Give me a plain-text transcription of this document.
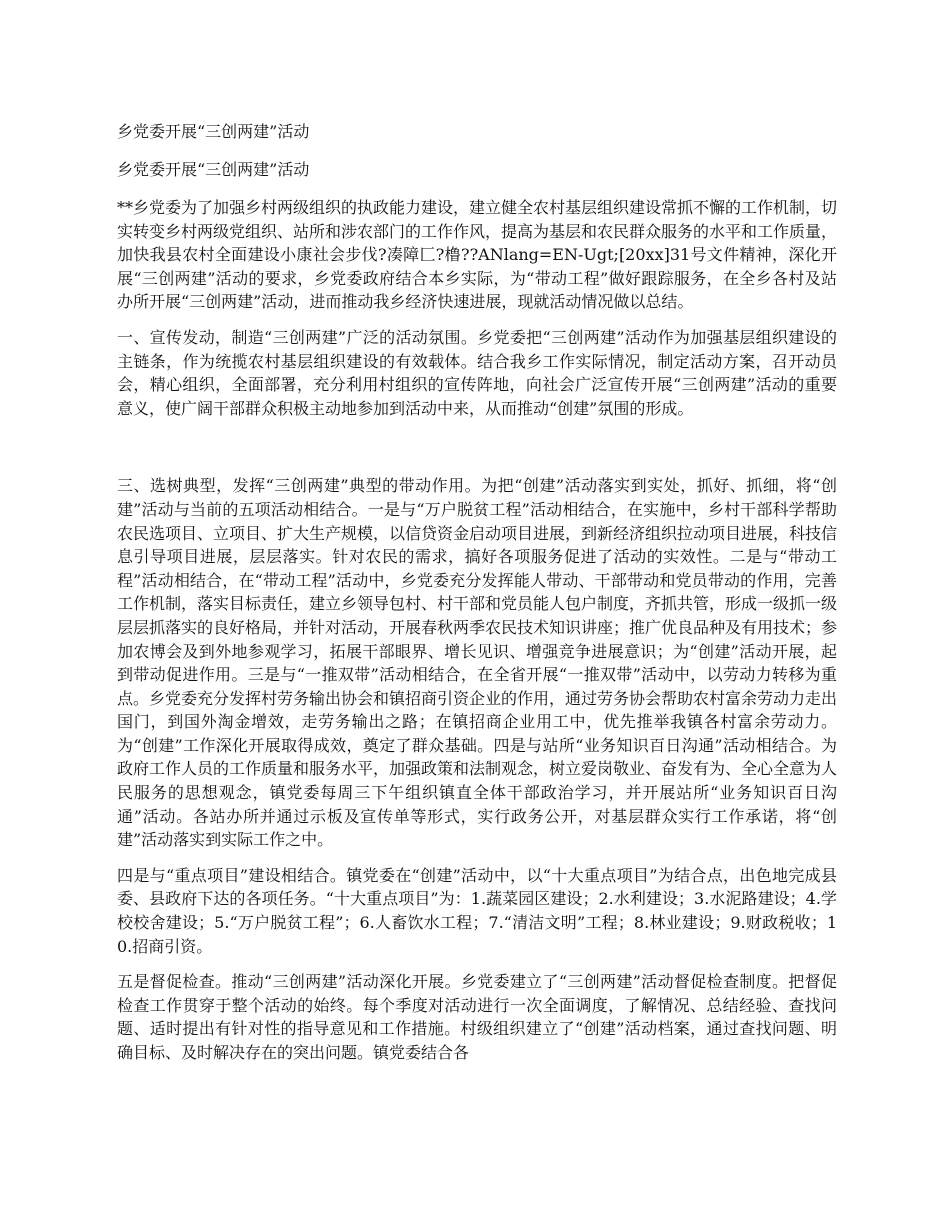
乡党委开展“三创两建”活动
乡党委开展“三创两建”活动

**乡党委为了加强乡村两级组织的执政能力建设，建立健全农村基层组织建设常抓不懈的工作机制，切实转变乡村两级党组织、站所和涉农部门的工作作风，提高为基层和农民群众服务的水平和工作质量，加快我县农村全面建设小康社会步伐?凑障匚?橹??ANlang=EN-Ugt;[20xx]31号文件精神，深化开展“三创两建”活动的要求，乡党委政府结合本乡实际，为“带动工程”做好跟踪服务，在全乡各村及站办所开展“三创两建”活动，进而推动我乡经济快速进展，现就活动情况做以总结。

一、宣传发动，制造“三创两建”广泛的活动氛围。乡党委把“三创两建”活动作为加强基层组织建设的主链条，作为统揽农村基层组织建设的有效载体。结合我乡工作实际情况，制定活动方案，召开动员会，精心组织，全面部署，充分利用村组织的宣传阵地，向社会广泛宣传开展“三创两建”活动的重要意义，使广阔干部群众积极主动地参加到活动中来，从而推动“创建”氛围的形成。

三、选树典型，发挥“三创两建”典型的带动作用。为把“创建”活动落实到实处，抓好、抓细，将“创建”活动与当前的五项活动相结合。一是与“万户脱贫工程”活动相结合，在实施中，乡村干部科学帮助农民选项目、立项目、扩大生产规模，以信贷资金启动项目进展，到新经济组织拉动项目进展，科技信息引导项目进展，层层落实。针对农民的需求，搞好各项服务促进了活动的实效性。二是与“带动工程”活动相结合，在“带动工程”活动中，乡党委充分发挥能人带动、干部带动和党员带动的作用，完善工作机制，落实目标责任，建立乡领导包村、村干部和党员能人包户制度，齐抓共管，形成一级抓一级层层抓落实的良好格局，并针对活动，开展春秋两季农民技术知识讲座；推广优良品种及有用技术；参加农博会及到外地参观学习，拓展干部眼界、增长见识、增强竞争进展意识；为“创建”活动开展，起到带动促进作用。三是与“一推双带”活动相结合，在全省开展“一推双带”活动中，以劳动力转移为重点。乡党委充分发挥村劳务输出协会和镇招商引资企业的作用，通过劳务协会帮助农村富余劳动力走出国门，到国外淘金增效，走劳务输出之路；在镇招商企业用工中，优先推举我镇各村富余劳动力。为“创建”工作深化开展取得成效，奠定了群众基础。四是与站所“业务知识百日沟通”活动相结合。为政府工作人员的工作质量和服务水平，加强政策和法制观念，树立爱岗敬业、奋发有为、全心全意为人民服务的思想观念，镇党委每周三下午组织镇直全体干部政治学习，并开展站所“业务知识百日沟通”活动。各站办所并通过示板及宣传单等形式，实行政务公开，对基层群众实行工作承诺，将“创建”活动落实到实际工作之中。

四是与“重点项目”建设相结合。镇党委在“创建”活动中，以“十大重点项目”为结合点，出色地完成县委、县政府下达的各项任务。“十大重点项目”为：1.蔬菜园区建设；2.水利建设；3.水泥路建设；4.学校校舍建设；5.“万户脱贫工程”；6.人畜饮水工程；7.“清洁文明”工程；8.林业建设；9.财政税收；10.招商引资。

五是督促检查。推动“三创两建”活动深化开展。乡党委建立了“三创两建”活动督促检查制度。把督促检查工作贯穿于整个活动的始终。每个季度对活动进行一次全面调度，了解情况、总结经验、查找问题、适时提出有针对性的指导意见和工作措施。村级组织建立了“创建”活动档案，通过查找问题、明确目标、及时解决存在的突出问题。镇党委结合各
